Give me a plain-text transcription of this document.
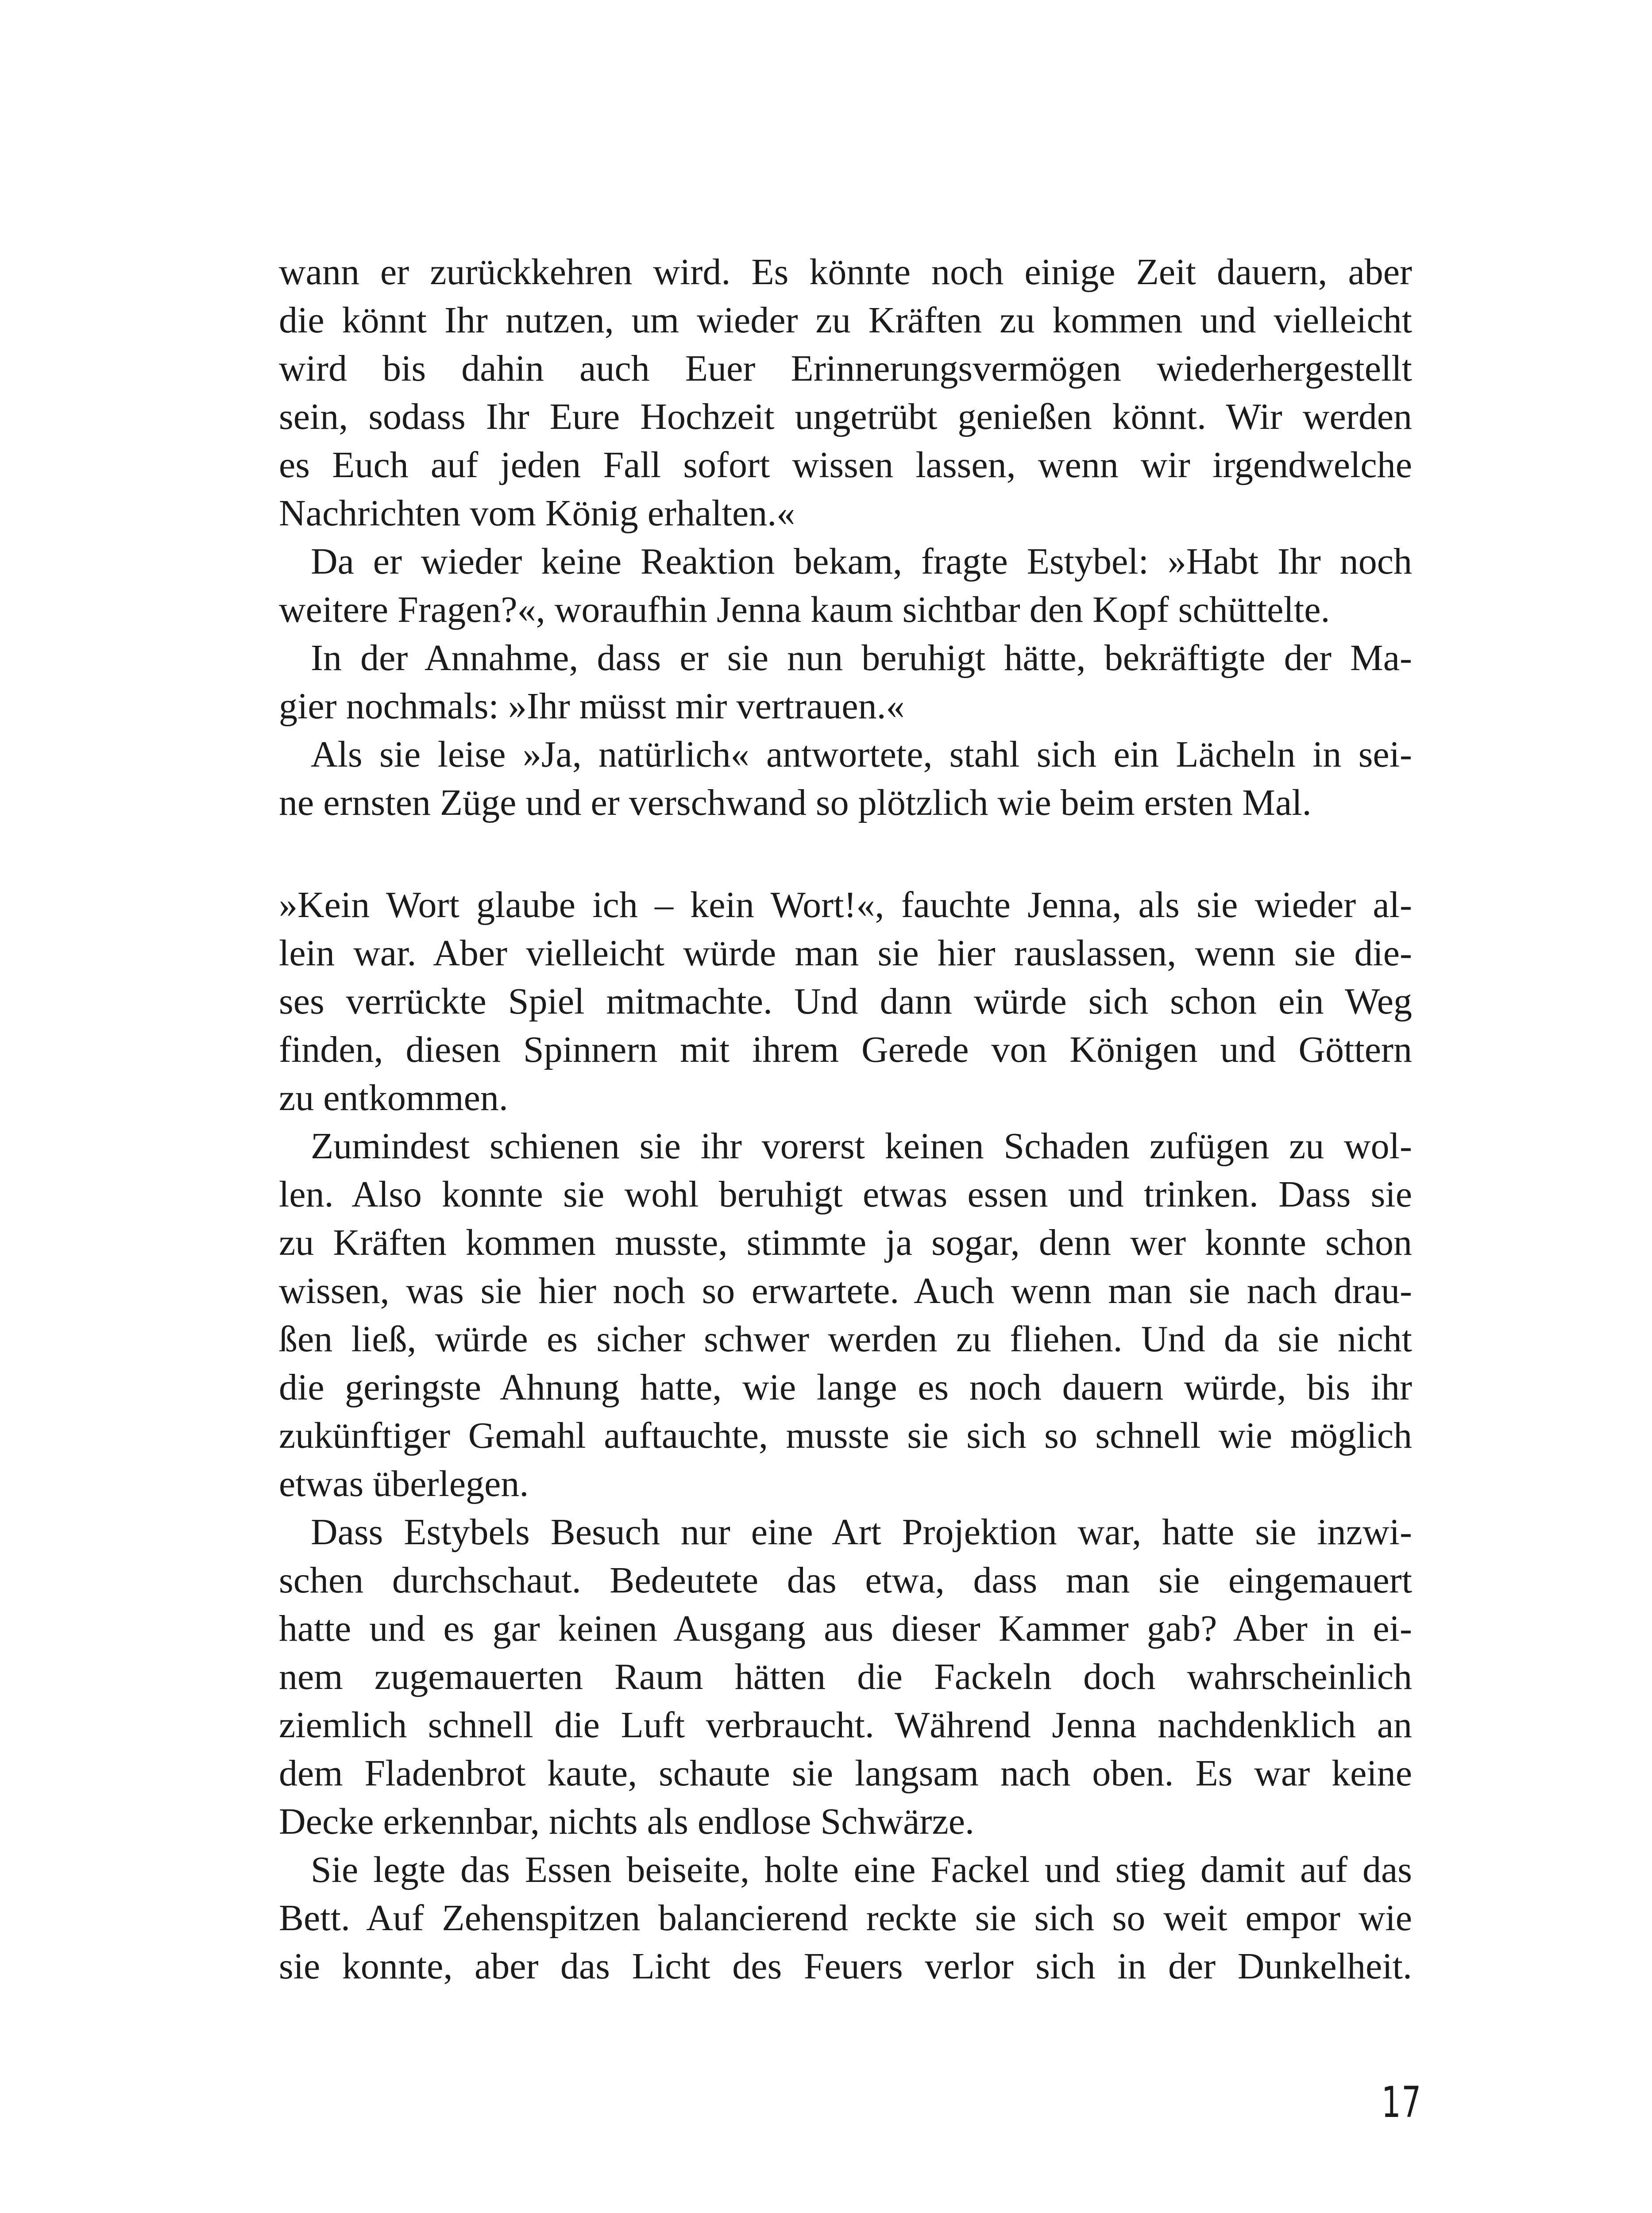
wann er zurückkehren wird. Es könnte noch einige Zeit dauern, aber
die könnt Ihr nutzen, um wieder zu Kräften zu kommen und vielleicht
wird bis dahin auch Euer Erinnerungsvermögen wiederhergestellt
sein, sodass Ihr Eure Hochzeit ungetrübt genießen könnt. Wir werden
es Euch auf jeden Fall sofort wissen lassen, wenn wir irgendwelche
Nachrichten vom König erhalten.«

Da er wieder keine Reaktion bekam, fragte Estybel: »Habt Ihr noch
weitere Fragen?«, woraufhin Jenna kaum sichtbar den Kopf schüttelte.

In der Annahme, dass er sie nun beruhigt hätte, bekräftigte der Ma-
gier nochmals: »Ihr müsst mir vertrauen.«

Als sie leise »Ja, natürlich« antwortete, stahl sich ein Lächeln in sei-
ne ernsten Züge und er verschwand so plötzlich wie beim ersten Mal.

»Kein Wort glaube ich – kein Wort!«, fauchte Jenna, als sie wieder al-
lein war. Aber vielleicht würde man sie hier rauslassen, wenn sie die-
ses verrückte Spiel mitmachte. Und dann würde sich schon ein Weg
finden, diesen Spinnern mit ihrem Gerede von Königen und Göttern
zu entkommen.

Zumindest schienen sie ihr vorerst keinen Schaden zufügen zu wol-
len. Also konnte sie wohl beruhigt etwas essen und trinken. Dass sie
zu Kräften kommen musste, stimmte ja sogar, denn wer konnte schon
wissen, was sie hier noch so erwartete. Auch wenn man sie nach drau-
ßen ließ, würde es sicher schwer werden zu fliehen. Und da sie nicht
die geringste Ahnung hatte, wie lange es noch dauern würde, bis ihr
zukünftiger Gemahl auftauchte, musste sie sich so schnell wie möglich
etwas überlegen.

Dass Estybels Besuch nur eine Art Projektion war, hatte sie inzwi-
schen durchschaut. Bedeutete das etwa, dass man sie eingemauert
hatte und es gar keinen Ausgang aus dieser Kammer gab? Aber in ei-
nem zugemauerten Raum hätten die Fackeln doch wahrscheinlich
ziemlich schnell die Luft verbraucht. Während Jenna nachdenklich an
dem Fladenbrot kaute, schaute sie langsam nach oben. Es war keine
Decke erkennbar, nichts als endlose Schwärze.

Sie legte das Essen beiseite, holte eine Fackel und stieg damit auf das
Bett. Auf Zehenspitzen balancierend reckte sie sich so weit empor wie
sie konnte, aber das Licht des Feuers verlor sich in der Dunkelheit.

17
